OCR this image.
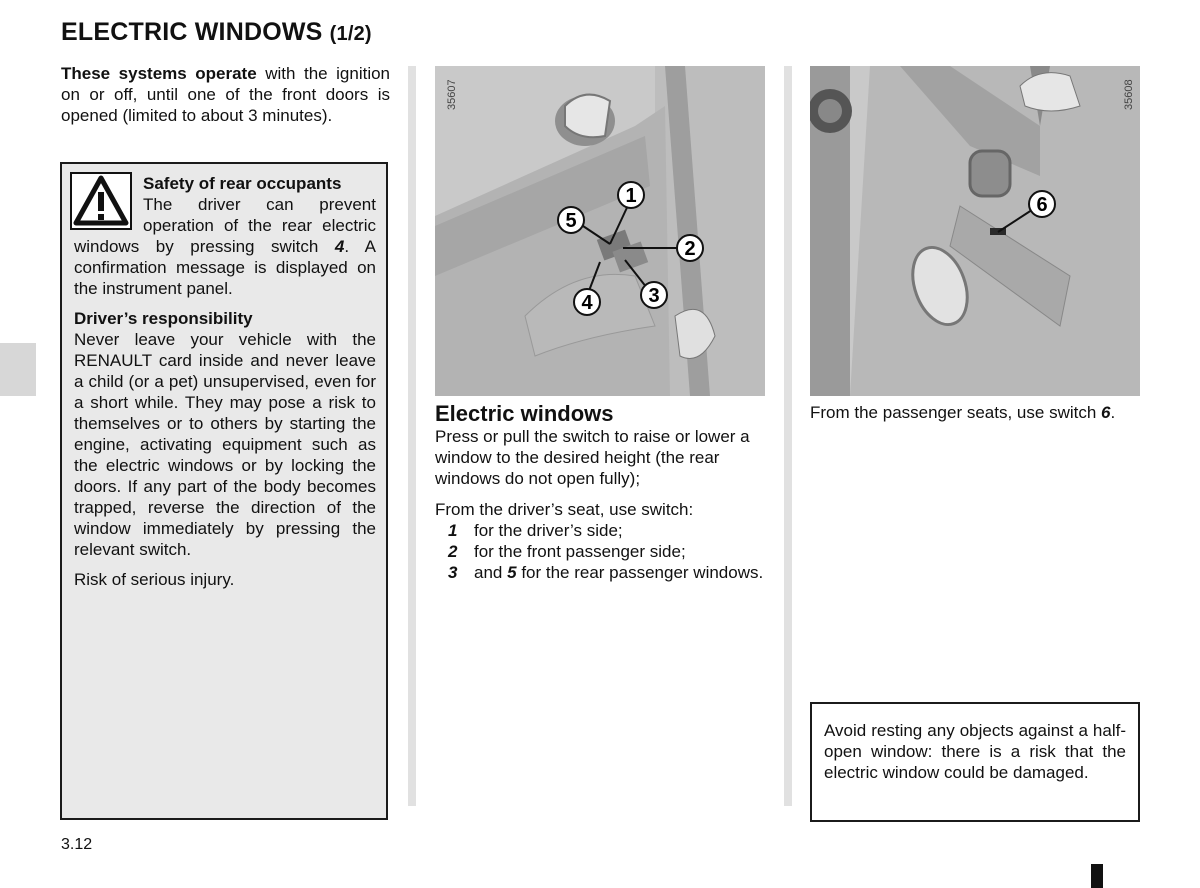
ELECTRIC WINDOWS (1/2)
These systems operate with the ignition on or off, until one of the front doors is opened (limited to about 3 minutes).

Safety of rear occupants
The driver can prevent operation of the rear electric windows by pressing switch 4. A confirmation message is displayed on the instrument panel.

Driver’s responsibility
Never leave your vehicle with the RENAULT card inside and never leave a child (or a pet) unsupervised, even for a short while. They may pose a risk to themselves or to others by starting the engine, activating equipment such as the electric windows or by locking the doors. If any part of the body becomes trapped, reverse the direction of the window immediately by pressing the relevant switch.

Risk of serious injury.

1
2
3
4
5
35607
6
35608
Electric windows

Press or pull the switch to raise or lower a window to the desired height (the rear windows do not open fully);

From the driver’s seat, use switch:

1 for the driver’s side;
2 for the front passenger side;
3 and 5 for the rear passenger windows.
From the passenger seats, use switch 6.
Avoid resting any objects against a half-open window: there is a risk that the electric window could be damaged.
3.12
